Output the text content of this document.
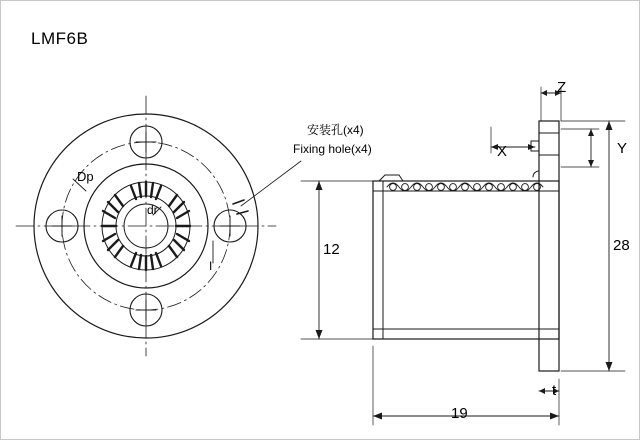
LMF6B
安装孔(x4)
Fixing hole(x4)
Dp
dr
I
Z
X	Y
t
12	28
19
